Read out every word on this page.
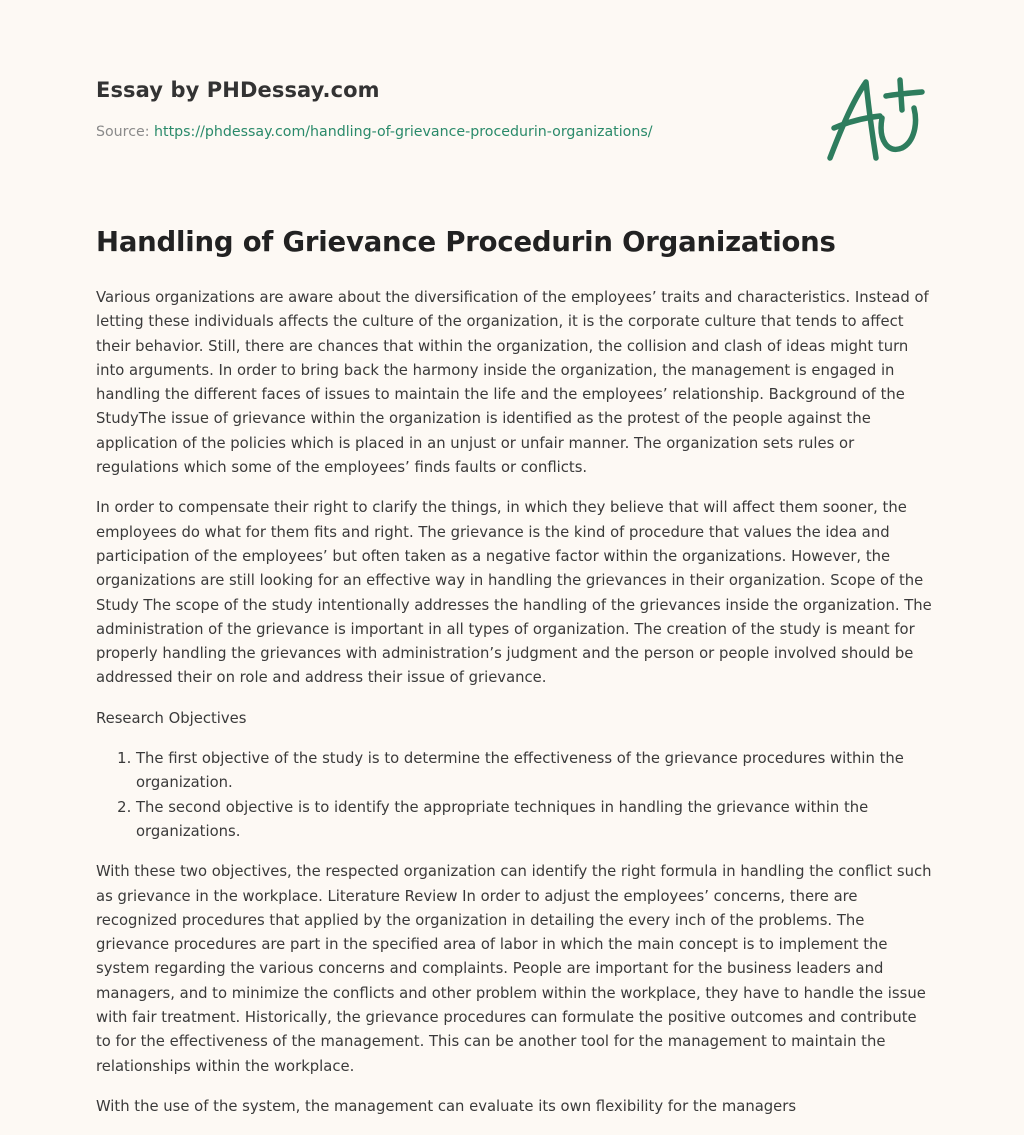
Essay by PHDessay.com
Source: https://phdessay.com/handling-of-grievance-procedurin-organizations/
Handling of Grievance Procedurin Organizations

Various organizations are aware about the diversification of the employees’ traits and characteristics. Instead of letting these individuals affects the culture of the organization, it is the corporate culture that tends to affect their behavior. Still, there are chances that within the organization, the collision and clash of ideas might turn into arguments. In order to bring back the harmony inside the organization, the management is engaged in handling the different faces of issues to maintain the life and the employees’ relationship. Background of the StudyThe issue of grievance within the organization is identified as the protest of the people against the application of the policies which is placed in an unjust or unfair manner. The organization sets rules or regulations which some of the employees’ finds faults or conflicts.

In order to compensate their right to clarify the things, in which they believe that will affect them sooner, the employees do what for them fits and right. The grievance is the kind of procedure that values the idea and participation of the employees’ but often taken as a negative factor within the organizations. However, the organizations are still looking for an effective way in handling the grievances in their organization. Scope of the Study The scope of the study intentionally addresses the handling of the grievances inside the organization. The administration of the grievance is important in all types of organization. The creation of the study is meant for properly handling the grievances with administration’s judgment and the person or people involved should be addressed their on role and address their issue of grievance.

Research Objectives

1. The first objective of the study is to determine the effectiveness of the grievance procedures within the organization.
2. The second objective is to identify the appropriate techniques in handling the grievance within the organizations.

With these two objectives, the respected organization can identify the right formula in handling the conflict such as grievance in the workplace. Literature Review In order to adjust the employees’ concerns, there are recognized procedures that applied by the organization in detailing the every inch of the problems. The grievance procedures are part in the specified area of labor in which the main concept is to implement the system regarding the various concerns and complaints. People are important for the business leaders and managers, and to minimize the conflicts and other problem within the workplace, they have to handle the issue with fair treatment. Historically, the grievance procedures can formulate the positive outcomes and contribute to for the effectiveness of the management. This can be another tool for the management to maintain the relationships within the workplace.

With the use of the system, the management can evaluate its own flexibility for the managers
